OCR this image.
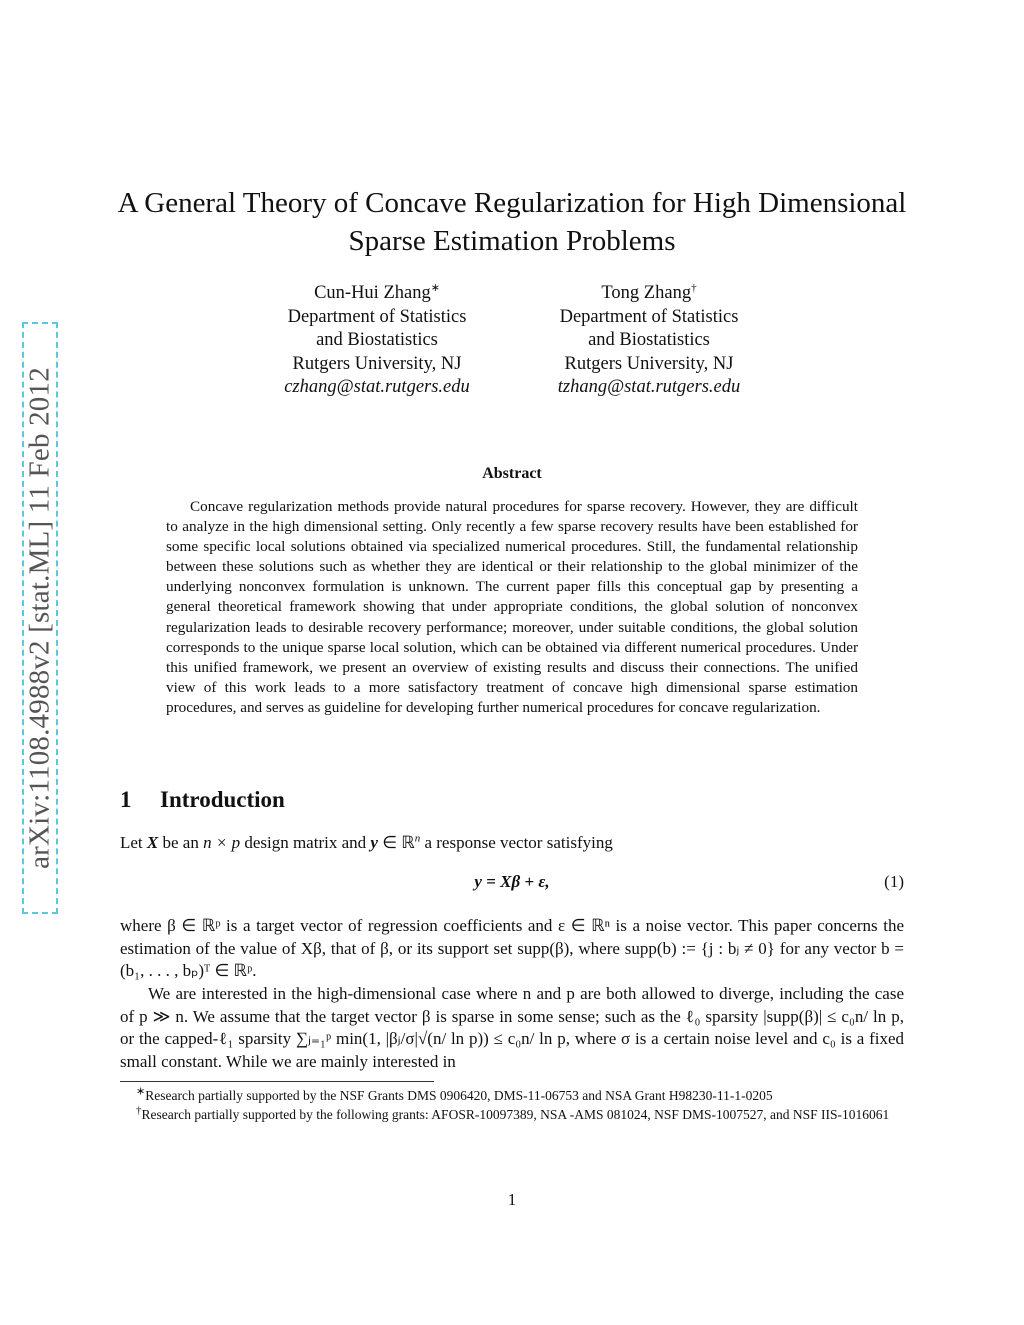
arXiv:1108.4988v2 [stat.ML] 11 Feb 2012
A General Theory of Concave Regularization for High Dimensional
Sparse Estimation Problems
Cun-Hui Zhang∗
Department of Statistics
and Biostatistics
Rutgers University, NJ
czhang@stat.rutgers.edu
Tong Zhang†
Department of Statistics
and Biostatistics
Rutgers University, NJ
tzhang@stat.rutgers.edu
Abstract

Concave regularization methods provide natural procedures for sparse recovery. However, they are difficult to analyze in the high dimensional setting. Only recently a few sparse recovery results have been established for some specific local solutions obtained via specialized numerical procedures. Still, the fundamental relationship between these solutions such as whether they are identical or their relationship to the global minimizer of the underlying nonconvex formulation is unknown. The current paper fills this conceptual gap by presenting a general theoretical framework showing that under appropriate conditions, the global solution of nonconvex regularization leads to desirable recovery performance; moreover, under suitable conditions, the global solution corresponds to the unique sparse local solution, which can be obtained via different numerical procedures. Under this unified framework, we present an overview of existing results and discuss their connections. The unified view of this work leads to a more satisfactory treatment of concave high dimensional sparse estimation procedures, and serves as guideline for developing further numerical procedures for concave regularization.

1 Introduction

Let X be an n × p design matrix and y ∈ ℝ$^n$ a response vector satisfying

y = Xβ + ε,	(1)

where β ∈ ℝᵖ is a target vector of regression coefficients and ε ∈ ℝⁿ is a noise vector. This paper concerns the estimation of the value of Xβ, that of β, or its support set supp(β), where supp(b) := {j : bⱼ ≠ 0} for any vector b = (b₁, . . . , bₚ)ᵀ ∈ ℝᵖ.

We are interested in the high-dimensional case where n and p are both allowed to diverge, including the case of p ≫ n. We assume that the target vector β is sparse in some sense; such as the ℓ₀ sparsity |supp(β)| ≤ c₀n/ ln p, or the capped-ℓ₁ sparsity ∑ⱼ₌₁ᵖ min(1, |βⱼ/σ|√(n/ ln p)) ≤ c₀n/ ln p, where σ is a certain noise level and c₀ is a fixed small constant. While we are mainly interested in

∗Research partially supported by the NSF Grants DMS 0906420, DMS-11-06753 and NSA Grant H98230-11-1-0205

†Research partially supported by the following grants: AFOSR-10097389, NSA -AMS 081024, NSF DMS-1007527, and NSF IIS-1016061

1
